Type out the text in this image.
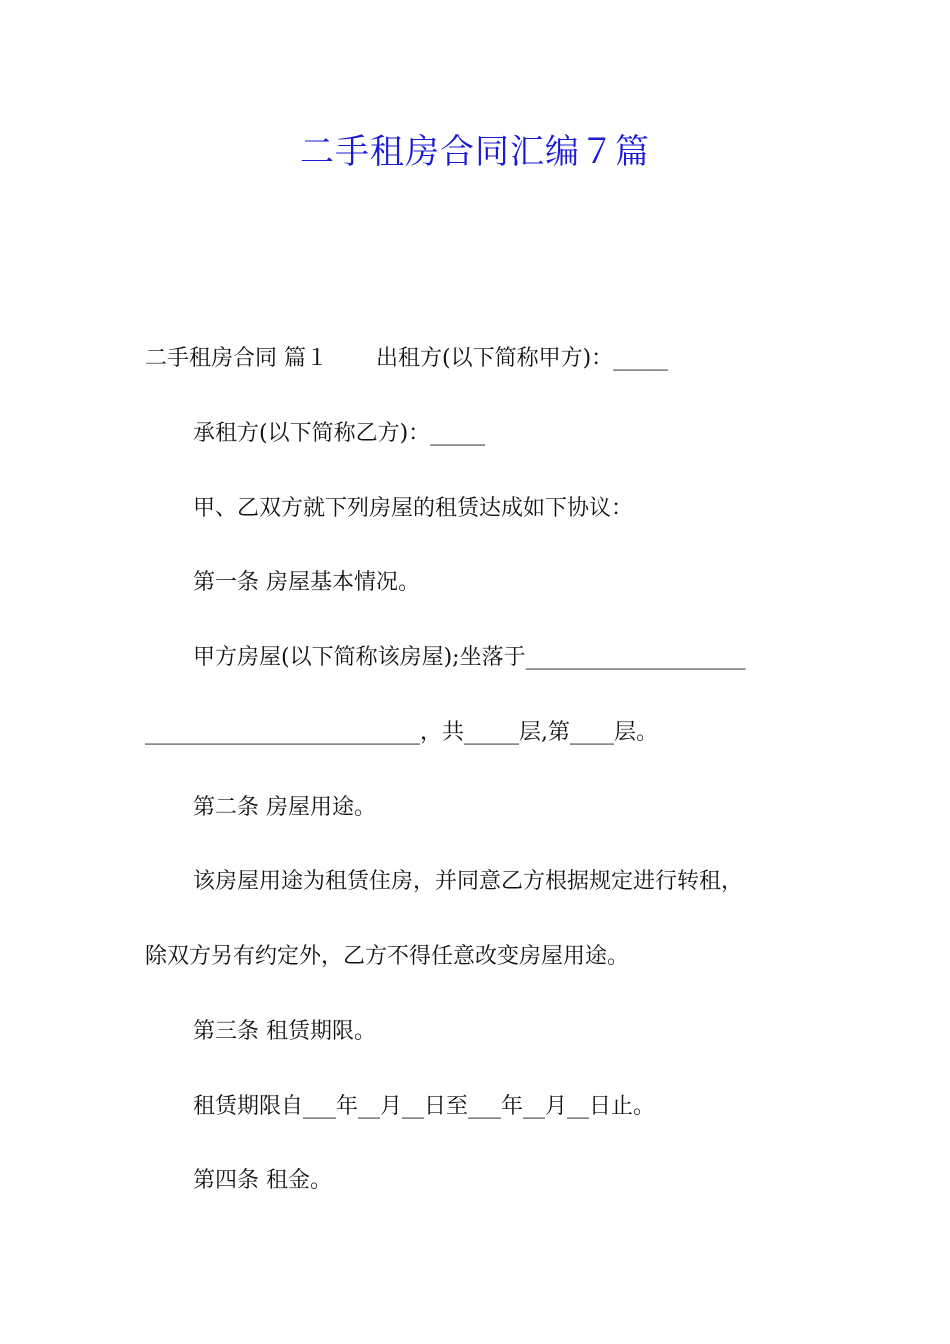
二手租房合同汇编７篇
二手租房合同 篇１ 出租方(以下简称甲方)：_____
承租方(以下简称乙方)：_____
甲、乙双方就下列房屋的租赁达成如下协议：
第一条 房屋基本情况。
甲方房屋(以下简称该房屋);坐落于____________________
_________________________，共_____层,第____层。
第二条 房屋用途。
该房屋用途为租赁住房，并同意乙方根据规定进行转租，
除双方另有约定外，乙方不得任意改变房屋用途。
第三条 租赁期限。
租赁期限自___年__月__日至___年__月__日止。
第四条 租金。
